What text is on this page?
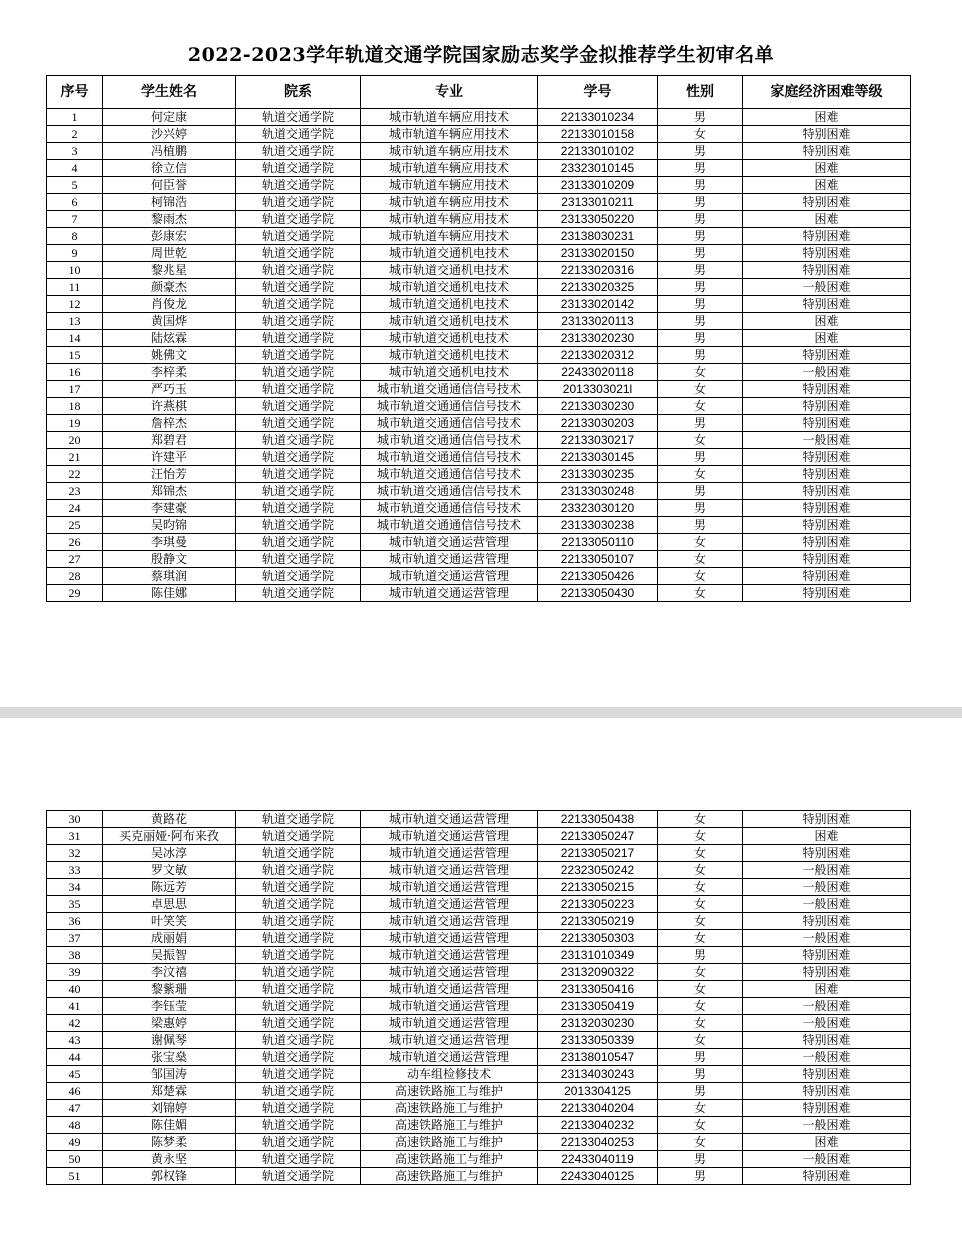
2022-2023学年轨道交通学院国家励志奖学金拟推荐学生初审名单
序号	学生姓名	院系	专业	学号	性别	家庭经济困难等级
1	何定康	轨道交通学院	城市轨道车辆应用技术	22133010234	男	困难
2	沙兴婷	轨道交通学院	城市轨道车辆应用技术	22133010158	女	特别困难
3	冯植鹏	轨道交通学院	城市轨道车辆应用技术	22133010102	男	特别困难
4	徐立信	轨道交通学院	城市轨道车辆应用技术	23323010145	男	困难
5	何臣誉	轨道交通学院	城市轨道车辆应用技术	23133010209	男	困难
6	柯锦浩	轨道交通学院	城市轨道车辆应用技术	23133010211	男	特别困难
7	黎雨杰	轨道交通学院	城市轨道车辆应用技术	23133050220	男	困难
8	彭康宏	轨道交通学院	城市轨道车辆应用技术	23138030231	男	特别困难
9	周世乾	轨道交通学院	城市轨道交通机电技术	23133020150	男	特别困难
10	黎兆星	轨道交通学院	城市轨道交通机电技术	22133020316	男	特别困难
11	颜豪杰	轨道交通学院	城市轨道交通机电技术	22133020325	男	一般困难
12	肖俊龙	轨道交通学院	城市轨道交通机电技术	23133020142	男	特别困难
13	黄国烨	轨道交通学院	城市轨道交通机电技术	23133020113	男	困难
14	陆炫霖	轨道交通学院	城市轨道交通机电技术	23133020230	男	困难
15	姚佛文	轨道交通学院	城市轨道交通机电技术	22133020312	男	特别困难
16	李梓柔	轨道交通学院	城市轨道交通机电技术	22433020118	女	一般困难
17	严巧玉	轨道交通学院	城市轨道交通通信信号技术	2013303021l	女	特别困难
18	许燕棋	轨道交通学院	城市轨道交通通信信号技术	22133030230	女	特别困难
19	詹梓杰	轨道交通学院	城市轨道交通通信信号技术	22133030203	男	特别困难
20	郑碧君	轨道交通学院	城市轨道交通通信信号技术	22133030217	女	一般困难
21	许建平	轨道交通学院	城市轨道交通通信信号技术	22133030145	男	特别困难
22	汪怡芳	轨道交通学院	城市轨道交通通信信号技术	23133030235	女	特别困难
23	郑锦杰	轨道交通学院	城市轨道交通通信信号技术	23133030248	男	特别困难
24	李建豪	轨道交通学院	城市轨道交通通信信号技术	23323030120	男	特别困难
25	吴昀锦	轨道交通学院	城市轨道交通通信信号技术	23133030238	男	特别困难
26	李琪曼	轨道交通学院	城市轨道交通运营管理	22133050110	女	特别困难
27	殷静文	轨道交通学院	城市轨道交通运营管理	22133050107	女	特别困难
28	蔡琪润	轨道交通学院	城市轨道交通运营管理	22133050426	女	特别困难
29	陈佳娜	轨道交通学院	城市轨道交通运营管理	22133050430	女	特别困难
30	黄路花	轨道交通学院	城市轨道交通运营管理	22133050438	女	特别困难
31	买克丽娅·阿布来孜	轨道交通学院	城市轨道交通运营管理	22133050247	女	困难
32	吴冰淳	轨道交通学院	城市轨道交通运营管理	22133050217	女	特别困难
33	罗文敏	轨道交通学院	城市轨道交通运营管理	22323050242	女	一般困难
34	陈远芳	轨道交通学院	城市轨道交通运营管理	22133050215	女	一般困难
35	卓思思	轨道交通学院	城市轨道交通运营管理	22133050223	女	一般困难
36	叶笑笑	轨道交通学院	城市轨道交通运营管理	22133050219	女	特别困难
37	成丽娟	轨道交通学院	城市轨道交通运营管理	22133050303	女	一般困难
38	吴振智	轨道交通学院	城市轨道交通运营管理	23131010349	男	特别困难
39	李汶禧	轨道交通学院	城市轨道交通运营管理	23132090322	女	特别困难
40	黎紫珊	轨道交通学院	城市轨道交通运营管理	23133050416	女	困难
41	李钰莹	轨道交通学院	城市轨道交通运营管理	23133050419	女	一般困难
42	梁惠婷	轨道交通学院	城市轨道交通运营管理	23132030230	女	一般困难
43	谢佩琴	轨道交通学院	城市轨道交通运营管理	23133050339	女	特别困难
44	张宝燊	轨道交通学院	城市轨道交通运营管理	23138010547	男	一般困难
45	邹国涛	轨道交通学院	动车组检修技术	23134030243	男	特别困难
46	郑楚霖	轨道交通学院	高速铁路施工与维护	2013304125	男	特别困难
47	刘锦婷	轨道交通学院	高速铁路施工与维护	22133040204	女	特别困难
48	陈佳媚	轨道交通学院	高速铁路施工与维护	22133040232	女	一般困难
49	陈梦柔	轨道交通学院	高速铁路施工与维护	22133040253	女	困难
50	黄永坚	轨道交通学院	高速铁路施工与维护	22433040119	男	一般困难
51	郭权锋	轨道交通学院	高速铁路施工与维护	22433040125	男	特别困难
